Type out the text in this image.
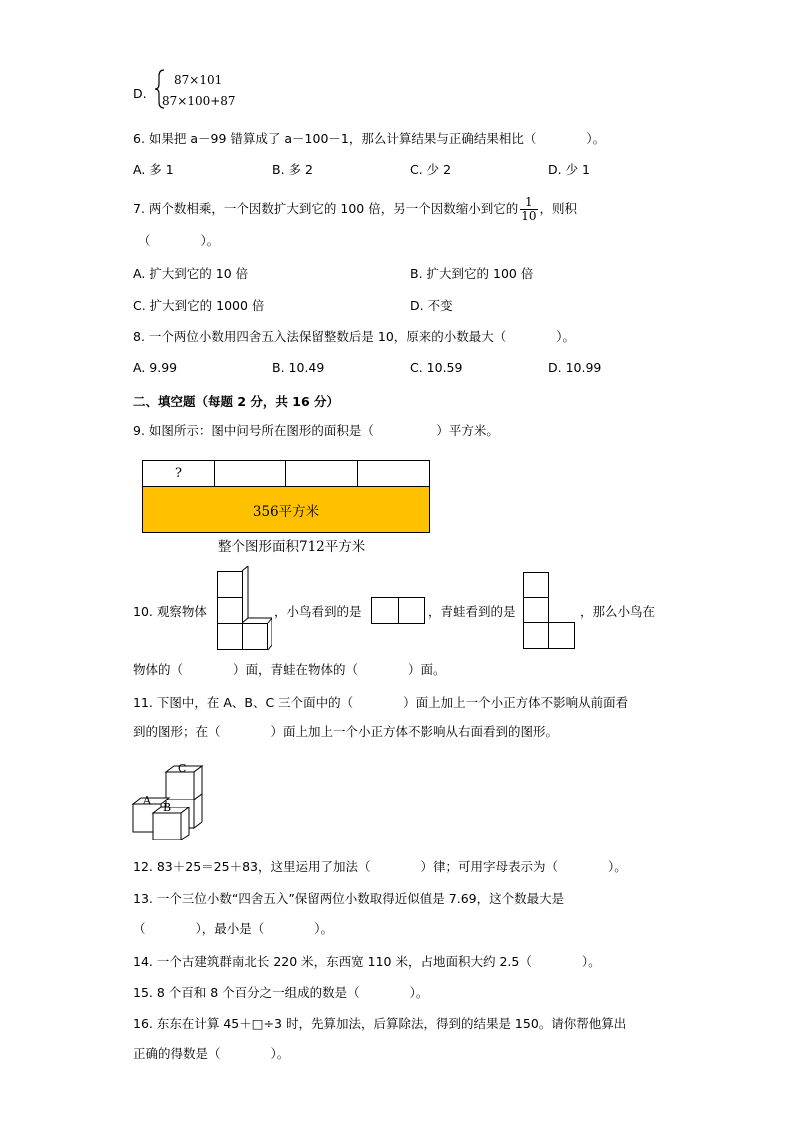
D.
87×101
87×100+87
6. 如果把 a－99 错算成了 a－100－1，那么计算结果与正确结果相比（　　　　）。
A. 多 1	B. 多 2	C. 少 2	D. 少 1
7. 两个数相乘，一个因数扩大到它的 100 倍，另一个因数缩小到它的 $\frac{1}{10}$ ，则积
（　　　　）。
A. 扩大到它的 10 倍	B. 扩大到它的 100 倍
C. 扩大到它的 1000 倍	D. 不变
8. 一个两位小数用四舍五入法保留整数后是 10，原来的小数最大（　　　　）。
A. 9.99	B. 10.49	C. 10.59	D. 10.99
二、填空题（每题 2 分，共 16 分）
9. 如图所示：图中问号所在图形的面积是（　　　　　）平方米。
?
356平方米
整个图形面积712平方米
10. 观察物体	，小鸟看到的是	，青蛙看到的是	，那么小鸟在
物体的（　　　　）面，青蛙在物体的（　　　　）面。
11. 下图中，在 A、B、C 三个面中的（　　　　）面上加上一个小正方体不影响从前面看
到的图形；在（　　　　）面上加上一个小正方体不影响从右面看到的图形。
C
A
B
12. 83＋25＝25＋83，这里运用了加法（　　　　）律；可用字母表示为（　　　　）。
13. 一个三位小数“四舍五入”保留两位小数取得近似值是 7.69，这个数最大是
（　　　　），最小是（　　　　）。
14. 一个古建筑群南北长 220 米，东西宽 110 米，占地面积大约 2.5（　　　　）。
15. 8 个百和 8 个百分之一组成的数是（　　　　）。
16. 东东在计算 45＋□÷3 时，先算加法，后算除法，得到的结果是 150。请你帮他算出
正确的得数是（　　　　）。
